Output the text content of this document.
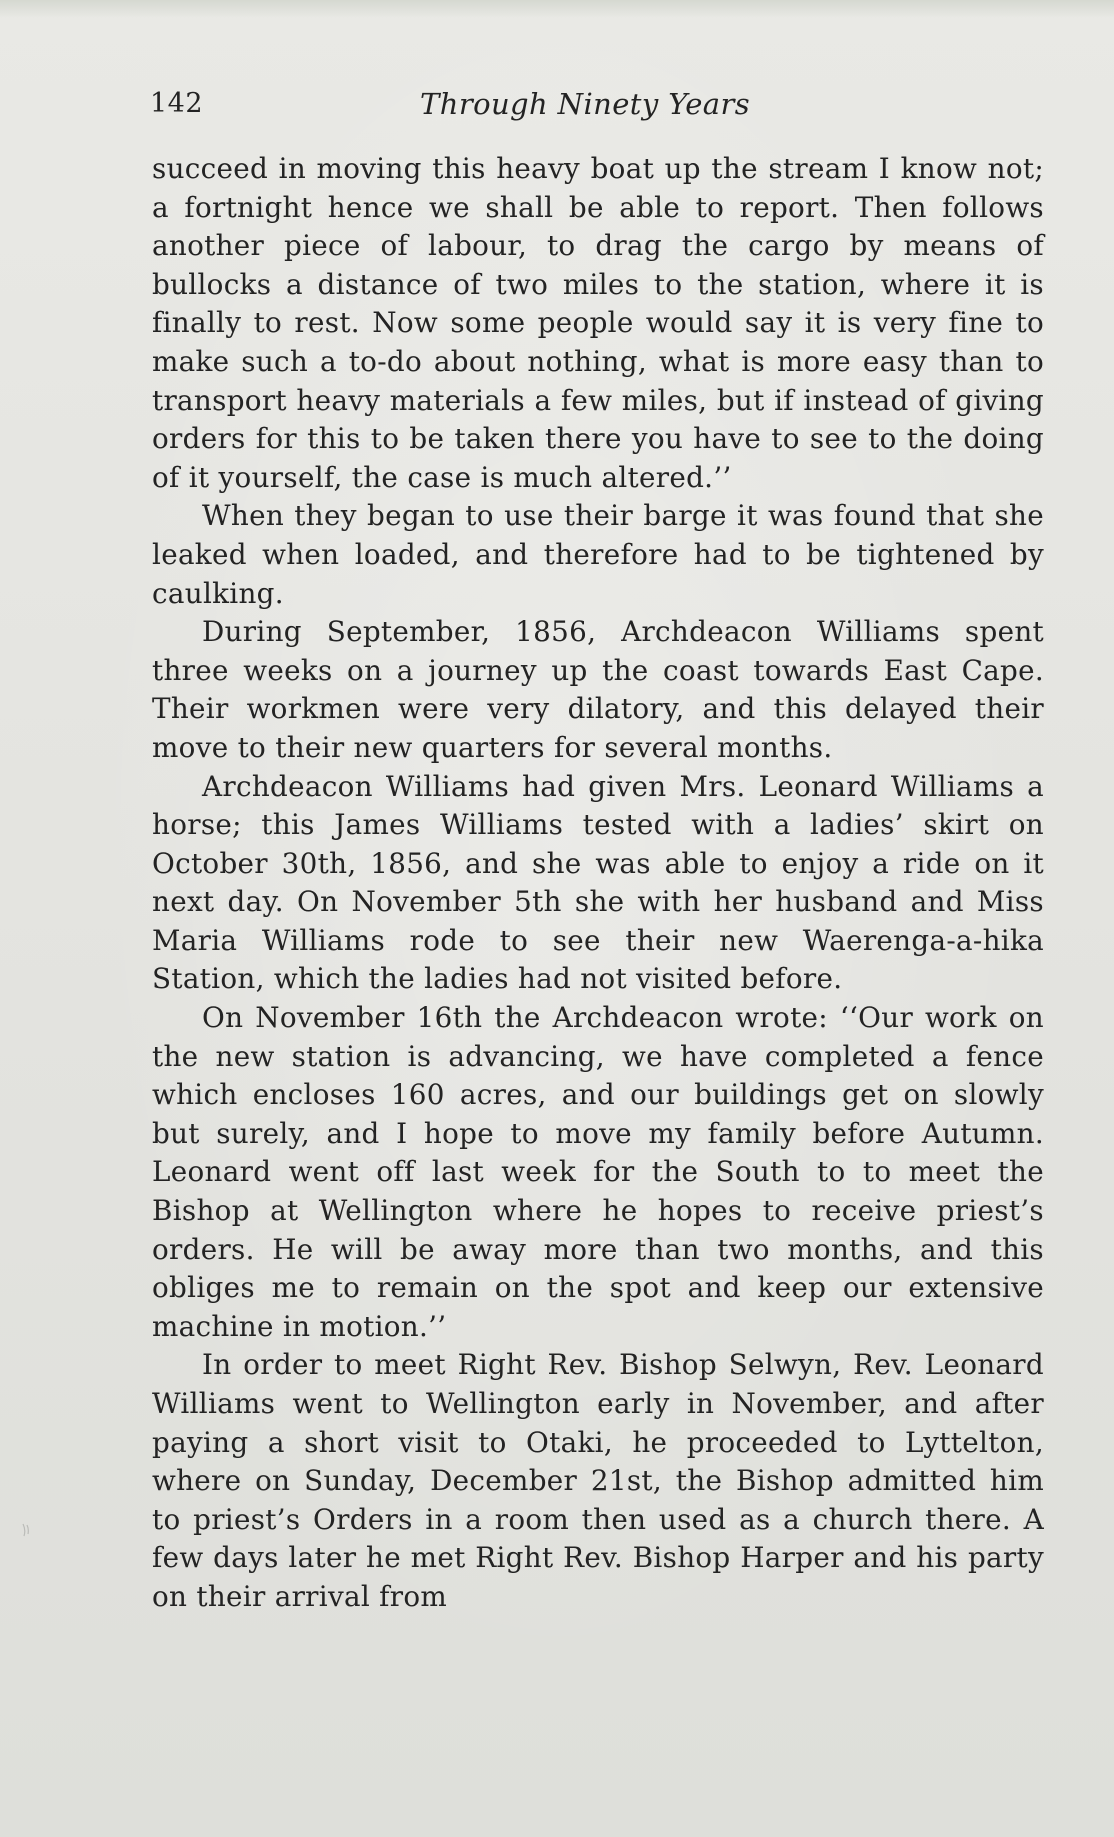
142	Through Ninety Years

succeed in moving this heavy boat up the stream I know not; a fortnight hence we shall be able to report. Then follows another piece of labour, to drag the cargo by means of bullocks a distance of two miles to the station, where it is finally to rest. Now some people would say it is very fine to make such a to-do about nothing, what is more easy than to transport heavy materials a few miles, but if instead of giving orders for this to be taken there you have to see to the doing of it yourself, the case is much altered.’’

When they began to use their barge it was found that she leaked when loaded, and therefore had to be tightened by caulking.

During September, 1856, Archdeacon Williams spent three weeks on a journey up the coast towards East Cape. Their workmen were very dilatory, and this delayed their move to their new quarters for several months.

Archdeacon Williams had given Mrs. Leonard Williams a horse; this James Williams tested with a ladies’ skirt on October 30th, 1856, and she was able to enjoy a ride on it next day. On November 5th she with her husband and Miss Maria Williams rode to see their new Waerenga-a-hika Station, which the ladies had not visited before.

On November 16th the Archdeacon wrote: ‘‘Our work on the new station is advancing, we have completed a fence which encloses 160 acres, and our buildings get on slowly but surely, and I hope to move my family before Autumn. Leonard went off last week for the South to to meet the Bishop at Wellington where he hopes to receive priest’s orders. He will be away more than two months, and this obliges me to remain on the spot and keep our extensive machine in motion.’’

In order to meet Right Rev. Bishop Selwyn, Rev. Leonard Williams went to Wellington early in November, and after paying a short visit to Otaki, he proceeded to Lyttelton, where on Sunday, December 21st, the Bishop admitted him to priest’s Orders in a room then used as a church there. A few days later he met Right Rev. Bishop Harper and his party on their arrival from
